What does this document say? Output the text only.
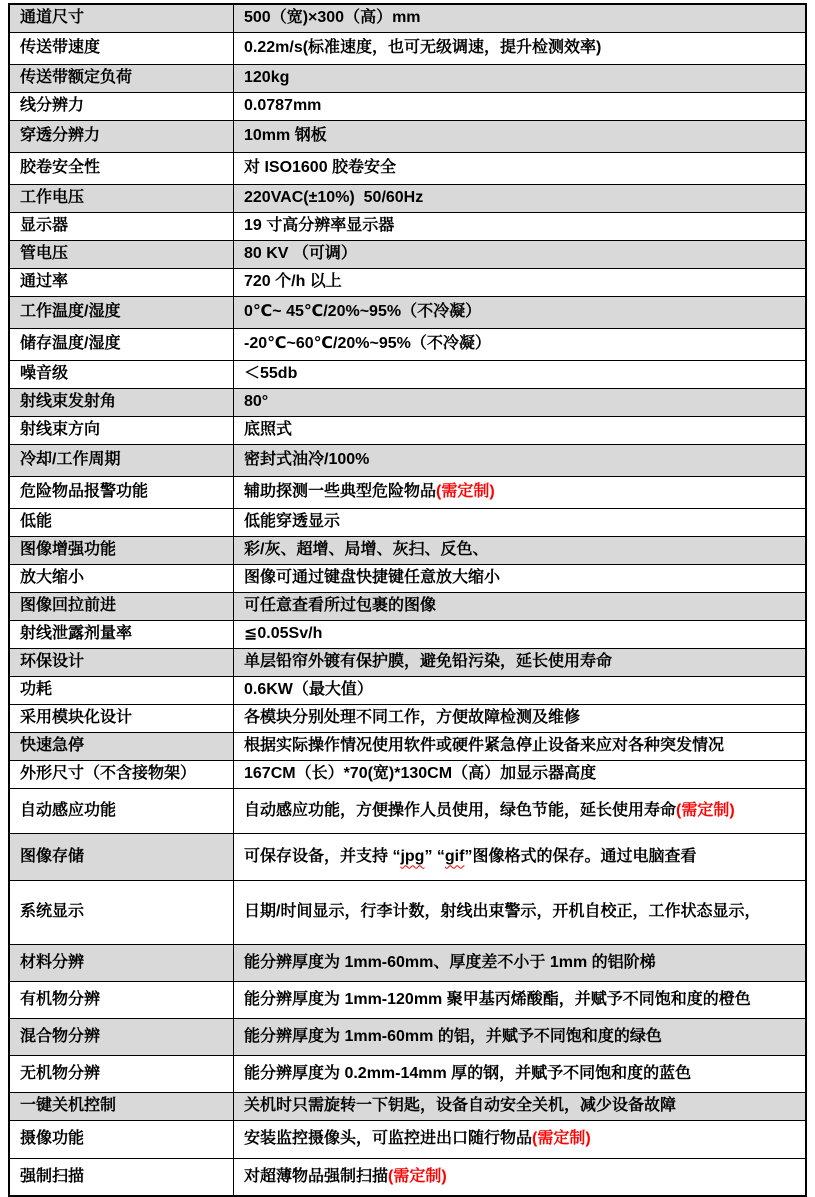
通道尺寸	500（宽)×300（高）mm
传送带速度	0.22m/s(标准速度，也可无级调速，提升检测效率)
传送带额定负荷	120kg
线分辨力	0.0787mm
穿透分辨力	10mm 钢板
胶卷安全性	对 ISO1600 胶卷安全
工作电压	220VAC(±10%)  50/60Hz
显示器	19 寸高分辨率显示器
管电压	80 KV （可调）
通过率	720 个/h 以上
工作温度/湿度	0℃~ 45℃/20%~95%（不冷凝）
储存温度/湿度	-20℃~60℃/20%~95%（不冷凝）
噪音级	＜55db
射线束发射角	80°
射线束方向	底照式
冷却/工作周期	密封式油冷/100%
危险物品报警功能	辅助探测一些典型危险物品(需定制)
低能	低能穿透显示
图像增强功能	彩/灰、超增、局增、灰扫、反色、
放大缩小	图像可通过键盘快捷键任意放大缩小
图像回拉前进	可任意查看所过包裹的图像
射线泄露剂量率	≦0.05Sv/h
环保设计	单层铅帘外镀有保护膜，避免铅污染，延长使用寿命
功耗	0.6KW（最大值）
采用模块化设计	各模块分别处理不同工作，方便故障检测及维修
快速急停	根据实际操作情况使用软件或硬件紧急停止设备来应对各种突发情况
外形尺寸（不含接物架）	167CM（长）*70(宽)*130CM（高）加显示器高度
自动感应功能	自动感应功能，方便操作人员使用，绿色节能，延长使用寿命(需定制)
图像存储	可保存设备，并支持 “jpg” “gif”图像格式的保存。通过电脑查看
系统显示	日期/时间显示，行李计数，射线出束警示，开机自校正，工作状态显示，
材料分辨	能分辨厚度为 1mm-60mm、厚度差不小于 1mm 的铝阶梯
有机物分辨	能分辨厚度为 1mm-120mm 聚甲基丙烯酸酯，并赋予不同饱和度的橙色
混合物分辨	能分辨厚度为 1mm-60mm 的铝，并赋予不同饱和度的绿色
无机物分辨	能分辨厚度为 0.2mm-14mm 厚的钢，并赋予不同饱和度的蓝色
一键关机控制	关机时只需旋转一下钥匙，设备自动安全关机，减少设备故障
摄像功能	安装监控摄像头，可监控进出口随行物品(需定制)
强制扫描	对超薄物品强制扫描(需定制)
